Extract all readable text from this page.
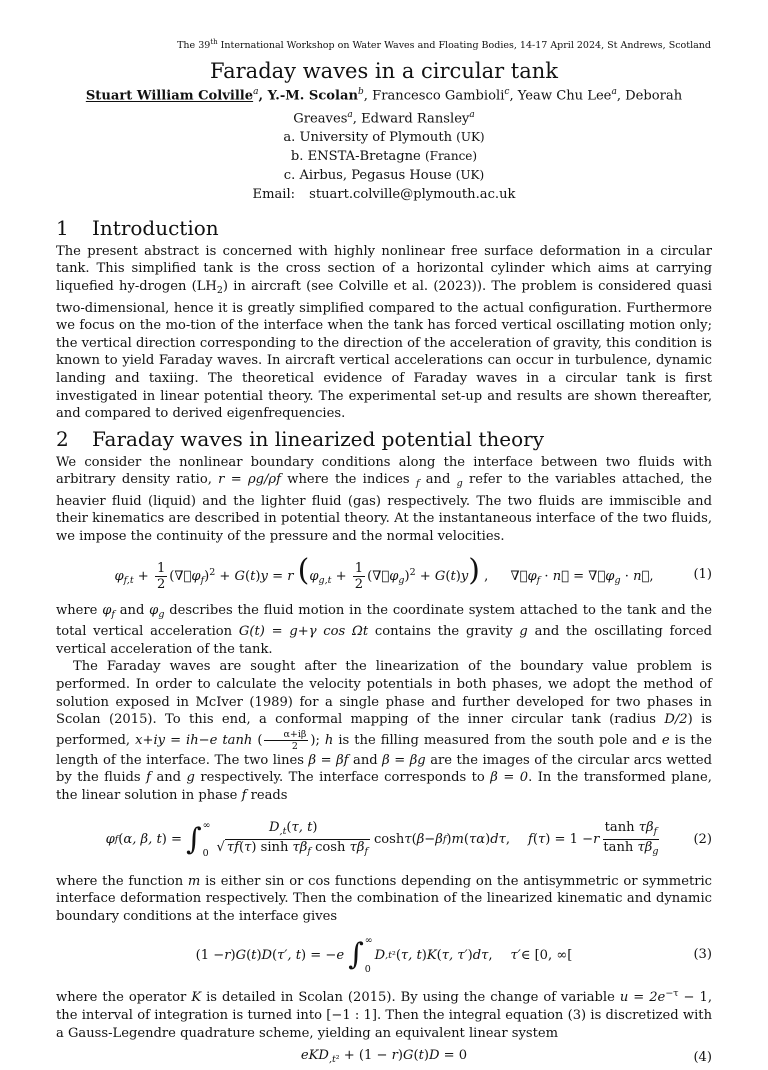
The 39th International Workshop on Water Waves and Floating Bodies, 14-17 April 2024, St Andrews, Scotland
Faraday waves in a circular tank
Stuart William Colville$^a$, Y.-M. Scolan$^b$, Francesco Gambioli$^c$, Yeaw Chu Lee$^a$, Deborah Greaves$^a$, Edward Ransley$^a$
a. University of Plymouth (UK)
b. ENSTA-Bretagne (France)
c. Airbus, Pegasus House (UK)
Email: stuart.colville@plymouth.ac.uk
1 Introduction

The present abstract is concerned with highly nonlinear free surface deformation in a circular tank. This simplified tank is the cross section of a horizontal cylinder which aims at carrying liquefied hy-drogen $(LH_2)$ in aircraft (see Colville et al. (2023)). The problem is considered quasi two-dimensional, hence it is greatly simplified compared to the actual configuration. Furthermore we focus on the mo-tion of the interface when the tank has forced vertical oscillating motion only; the vertical direction corresponding to the direction of the acceleration of gravity, this condition is known to yield Faraday waves. In aircraft vertical accelerations can occur in turbulence, dynamic landing and taxiing. The theoretical evidence of Faraday waves in a circular tank is first investigated in linear potential theory. The experimental set-up and results are shown thereafter, and compared to derived eigenfrequencies.

2 Faraday waves in linearized potential theory

We consider the nonlinear boundary conditions along the interface between two fluids with arbitrary density ratio, r = ρg/ρf where the indices $_f$ and $_g$ refer to the variables attached, the heavier fluid (liquid) and the lighter fluid (gas) respectively. The two fluids are immiscible and their kinematics are described in potential theory. At the instantaneous interface of the two fluids, we impose the continuity of the pressure and the normal velocities.

$\varphi_{f,t} + \frac{1}{2}$ $(\nabla⃗\varphi_f)^2 + G(t)y = r$ ($\varphi_{g,t} + \frac{1}{2}$ $(\nabla⃗\varphi_g)^2 + G(t)y$) , $\nabla⃗\varphi_f$ · n⃗ = $\nabla⃗\varphi_g$ · n⃗,	(1)

where $\varphi_f$ and $\varphi_g$ describes the fluid motion in the coordinate system attached to the tank and the total vertical acceleration G(t) = g+γ cos Ωt contains the gravity g and the oscillating forced vertical acceleration of the tank.

The Faraday waves are sought after the linearization of the boundary value problem is performed. In order to calculate the velocity potentials in both phases, we adopt the method of solution exposed in McIver (1989) for a single phase and further developed for two phases in Scolan (2015). To this end, a conformal mapping of the inner circular tank (radius D/2) is performed, x+iy = ih−e tanh ( $\frac{\alpha+i\beta}{2}$ ); h is the filling measured from the south pole and e is the length of the interface. The two lines β = βf and β = βg are the images of the circular arcs wetted by the fluids f and g respectively. The interface corresponds to β = 0. In the transformed plane, the linear solution in phase f reads

φ f ( α, β, t ) = ∫ ∞
$0 \frac{D_{,t}(\tau, t)}{√ \tau f(\tau) \sinh \tau\beta_f \cosh \tau\beta_f}$ cosh τ ( β − β f ) m ( τα ) dτ , f ( τ ) = 1 − r $\frac{\tanh \tau\beta_f}{\tanh \tau\beta_g}$	(2)

where the function m is either sin or cos functions depending on the antisymmetric or symmetric interface deformation respectively. Then the combination of the linearized kinematic and dynamic boundary conditions at the interface gives

(1 − r ) G ( t ) D ( τ′, t ) = − e ∫ ∞
0
D ,t² ( τ, t ) K ( τ, τ′ ) dτ , τ′ ∈ [0, ∞[	(3)

where the operator K is detailed in Scolan (2015). By using the change of variable $u = 2e^{-\tau} - 1$, the interval of integration is turned into [−1 : 1]. Then the integral equation (3) is discretized with a Gauss-Legendre quadrature scheme, yielding an equivalent linear system

eKD$_{,t^2}$ + (1 − r)G(t)D = 0	(4)
